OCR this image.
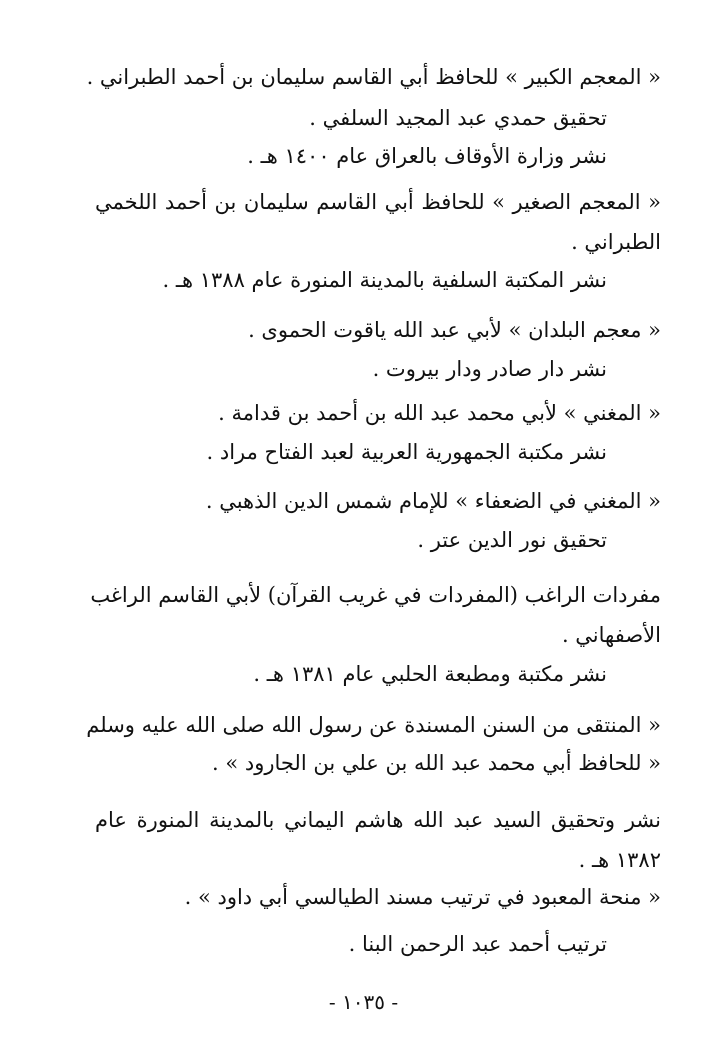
« المعجم الكبير » للحافظ أبي القاسم سليمان بن أحمد الطبراني .
تحقيق حمدي عبد المجيد السلفي .
نشر وزارة الأوقاف بالعراق عام ١٤٠٠ هـ .
« المعجم الصغير » للحافظ أبي القاسم سليمان بن أحمد اللخمي
الطبراني .
نشر المكتبة السلفية بالمدينة المنورة عام ١٣٨٨ هـ .
« معجم البلدان » لأبي عبد الله ياقوت الحموى .
نشر دار صادر ودار بيروت .
« المغني » لأبي محمد عبد الله بن أحمد بن قدامة .
نشر مكتبة الجمهورية العربية لعبد الفتاح مراد .
« المغني في الضعفاء » للإمام شمس الدين الذهبي .
تحقيق نور الدين عتر .
مفردات الراغب (المفردات في غريب القرآن) لأبي القاسم الراغب
الأصفهاني .
نشر مكتبة ومطبعة الحلبي عام ١٣٨١ هـ .
« المنتقى من السنن المسندة عن رسول الله صلى الله عليه وسلم
« للحافظ أبي محمد عبد الله بن علي بن الجارود » .
نشر وتحقيق السيد عبد الله هاشم اليماني بالمدينة المنورة عام
١٣٨٢ هـ .
« منحة المعبود في ترتيب مسند الطيالسي أبي داود » .
ترتيب أحمد عبد الرحمن البنا .
- ١٠٣٥ -
